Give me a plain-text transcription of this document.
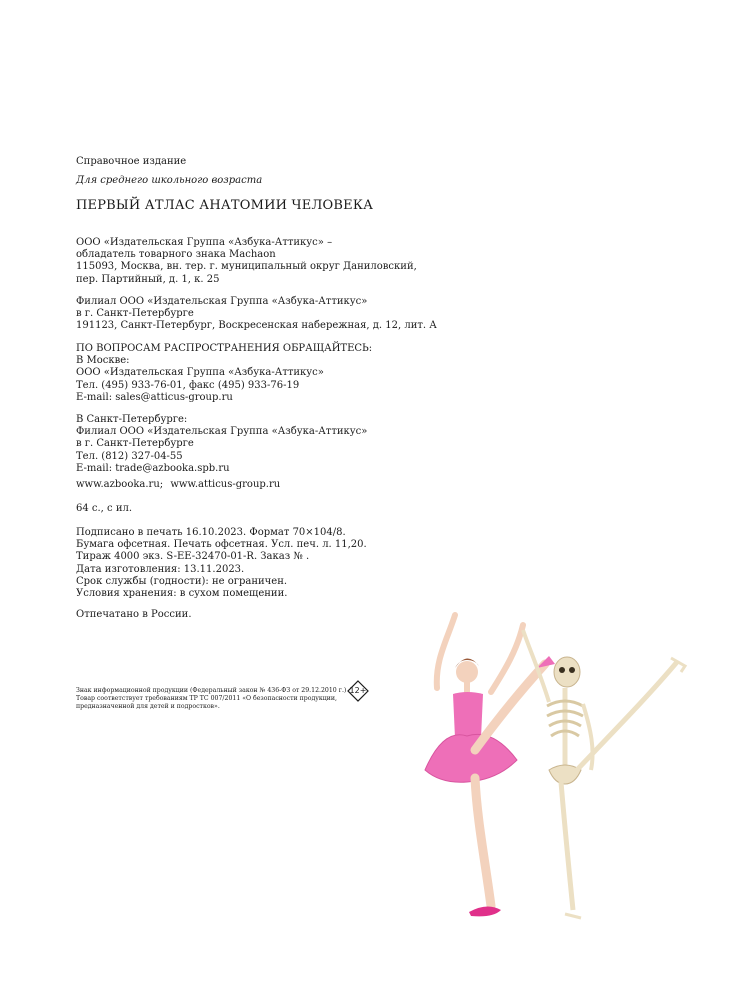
Справочное издание
Для среднего школьного возраста
ПЕРВЫЙ АТЛАС АНАТОМИИ ЧЕЛОВЕКА
ООО «Издательская Группа «Азбука-Аттикус» –
обладатель товарного знака Machaon
115093, Москва, вн. тер. г. муниципальный округ Даниловский,
пер. Партийный, д. 1, к. 25
Филиал ООО «Издательская Группа «Азбука-Аттикус»
в г. Санкт-Петербурге
191123, Санкт-Петербург, Воскресенская набережная, д. 12, лит. А
ПО ВОПРОСАМ РАСПРОСТРАНЕНИЯ ОБРАЩАЙТЕСЬ:
В Москве:
ООО «Издательская Группа «Азбука-Аттикус»
Тел. (495) 933-76-01, факс (495) 933-76-19
E-mail: sales@atticus-group.ru
В Санкт-Петербурге:
Филиал ООО «Издательская Группа «Азбука-Аттикус»
в г. Санкт-Петербурге
Тел. (812) 327-04-55
E-mail: trade@azbooka.spb.ru
www.azbooka.ru; www.atticus-group.ru
64 с., с ил.
Подписано в печать 16.10.2023. Формат 70×104/8.
Бумага офсетная. Печать офсетная. Усл. печ. л. 11,20.
Тираж 4000 экз. S-EE-32470-01-R. Заказ № .
Дата изготовления: 13.11.2023.
Срок службы (годности): не ограничен.
Условия хранения: в сухом помещении.
Отпечатано в России.
Знак информационной продукции (Федеральный закон № 436-ФЗ от 29.12.2010 г.)
Товар соответствует требованиям ТР ТС 007/2011 «О безопасности продукции,
предназначенной для детей и подростков».
12+
